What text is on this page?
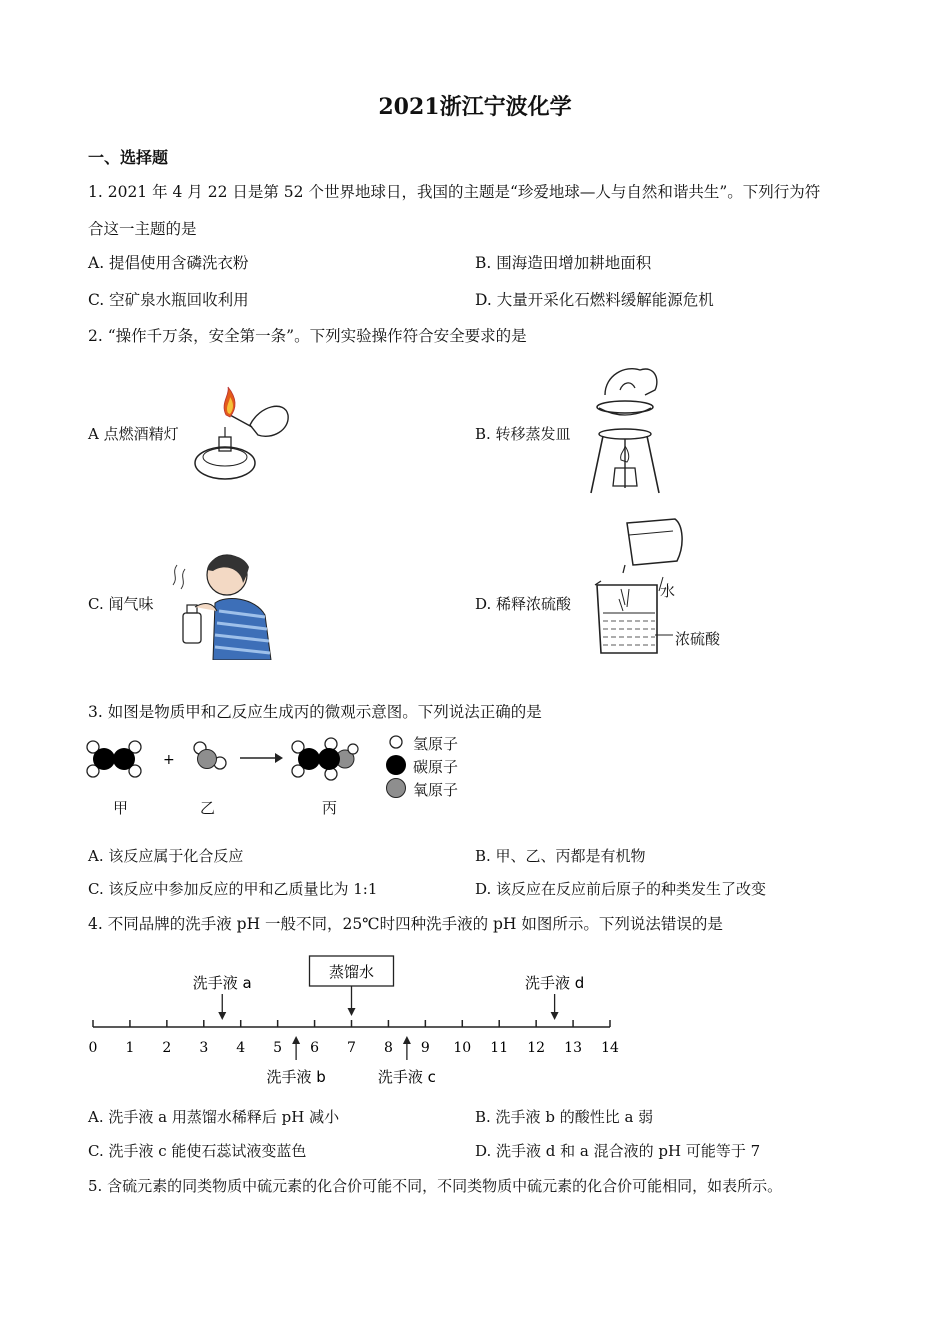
2021浙江宁波化学
一、选择题
1. 2021 年 4 月 22 日是第 52 个世界地球日，我国的主题是“珍爱地球—人与自然和谐共生”。下列行为符
合这一主题的是
A. 提倡使用含磷洗衣粉	B. 围海造田增加耕地面积
C. 空矿泉水瓶回收利用	D. 大量开采化石燃料缓解能源危机
2. “操作千万条，安全第一条”。下列实验操作符合安全要求的是
A 点燃酒精灯	B. 转移蒸发皿
C. 闻气味	D. 稀释浓硫酸
水
浓硫酸
3. 如图是物质甲和乙反应生成丙的微观示意图。下列说法正确的是
+
甲	乙	丙
氢原子
碳原子
氧原子
A. 该反应属于化合反应	B. 甲、乙、丙都是有机物
C. 该反应中参加反应的甲和乙质量比为 1:1	D. 该反应在反应前后原子的种类发生了改变
4. 不同品牌的洗手液 pH 一般不同，25℃时四种洗手液的 pH 如图所示。下列说法错误的是
0 1 2 3 4 5 6 7 8 9 10 11 12 13 14
洗手液 a
蒸馏水
洗手液 d
洗手液 b	洗手液 c
A. 洗手液 a 用蒸馏水稀释后 pH 减小	B. 洗手液 b 的酸性比 a 弱
C. 洗手液 c 能使石蕊试液变蓝色	D. 洗手液 d 和 a 混合液的 pH 可能等于 7
5. 含硫元素的同类物质中硫元素的化合价可能不同，不同类物质中硫元素的化合价可能相同，如表所示。
